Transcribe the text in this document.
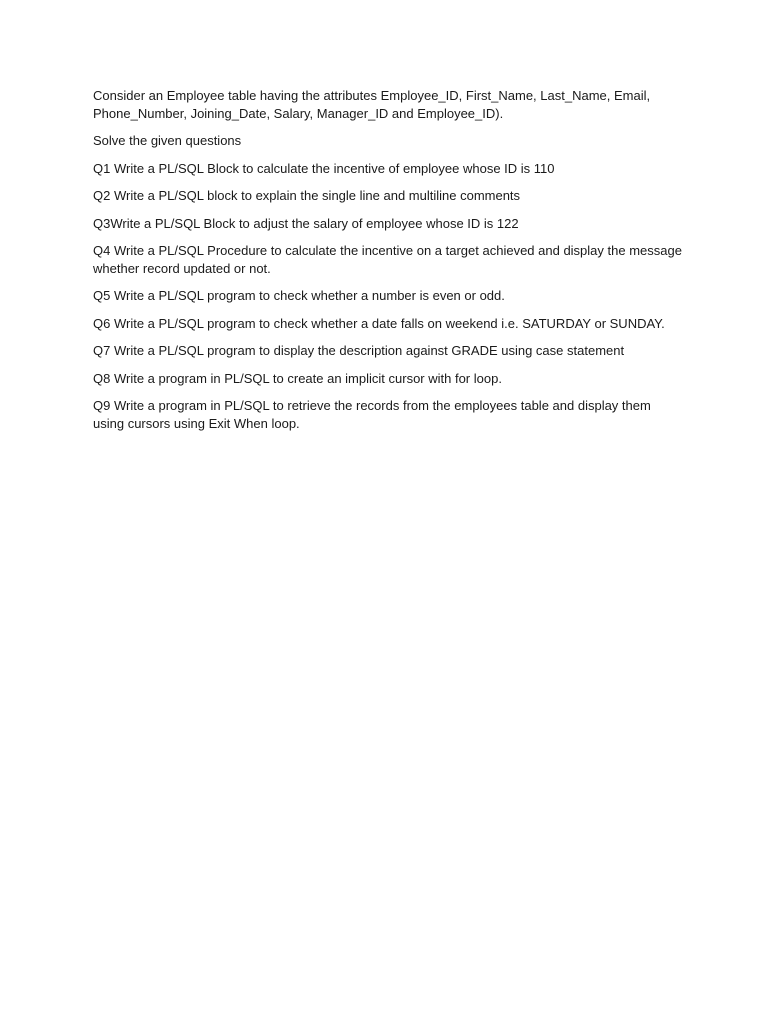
Consider an Employee table having the attributes Employee_ID, First_Name, Last_Name, Email, Phone_Number, Joining_Date, Salary, Manager_ID and Employee_ID).

Solve the given questions

Q1 Write a PL/SQL Block to calculate the incentive of employee whose ID is 110

Q2 Write a PL/SQL block to explain the single line and multiline comments

Q3Write a PL/SQL Block to adjust the salary of employee whose ID is 122

Q4 Write a PL/SQL Procedure to calculate the incentive on a target achieved and display the message whether record updated or not.

Q5 Write a PL/SQL program to check whether a number is even or odd.

Q6 Write a PL/SQL program to check whether a date falls on weekend i.e. SATURDAY or SUNDAY.

Q7 Write a PL/SQL program to display the description against GRADE using case statement

Q8 Write a program in PL/SQL to create an implicit cursor with for loop.

Q9 Write a program in PL/SQL to retrieve the records from the employees table and display them using cursors using Exit When loop.
